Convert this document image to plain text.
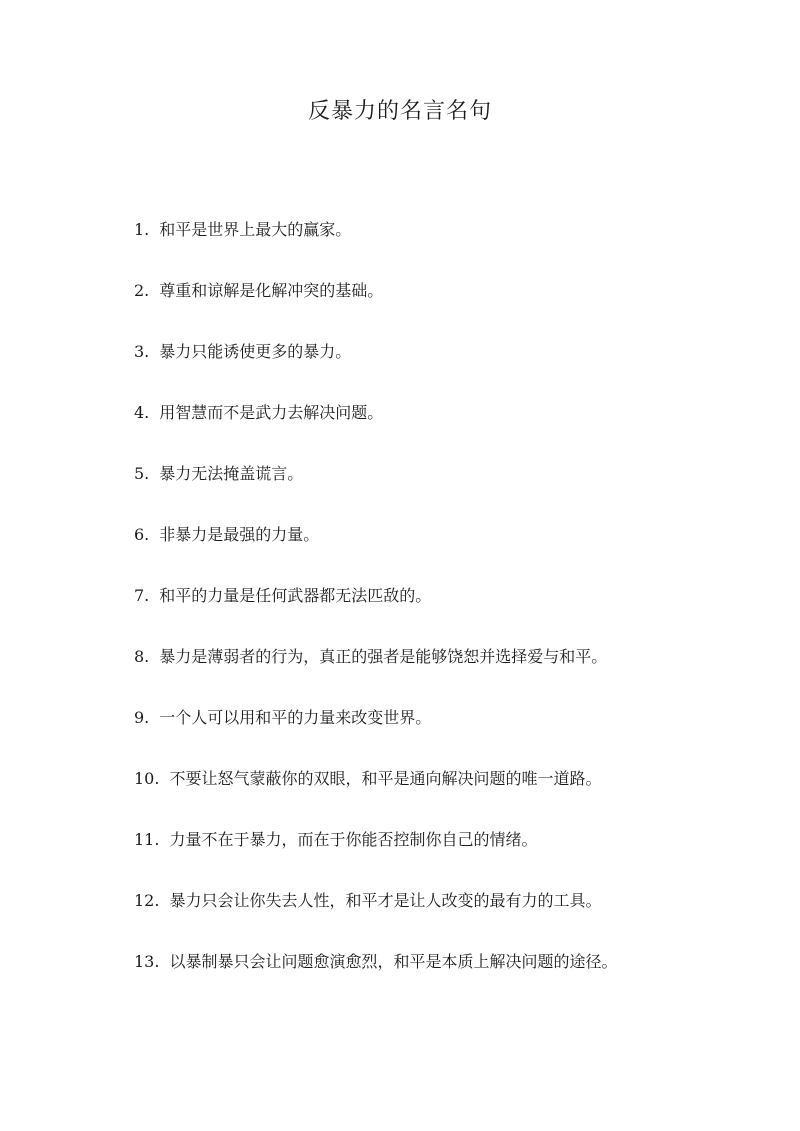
反暴力的名言名句
1. 和平是世界上最大的赢家。
2. 尊重和谅解是化解冲突的基础。
3. 暴力只能诱使更多的暴力。
4. 用智慧而不是武力去解决问题。
5. 暴力无法掩盖谎言。
6. 非暴力是最强的力量。
7. 和平的力量是任何武器都无法匹敌的。
8. 暴力是薄弱者的行为，真正的强者是能够饶恕并选择爱与和平。
9. 一个人可以用和平的力量来改变世界。
10. 不要让怒气蒙蔽你的双眼，和平是通向解决问题的唯一道路。
11. 力量不在于暴力，而在于你能否控制你自己的情绪。
12. 暴力只会让你失去人性，和平才是让人改变的最有力的工具。
13. 以暴制暴只会让问题愈演愈烈，和平是本质上解决问题的途径。
